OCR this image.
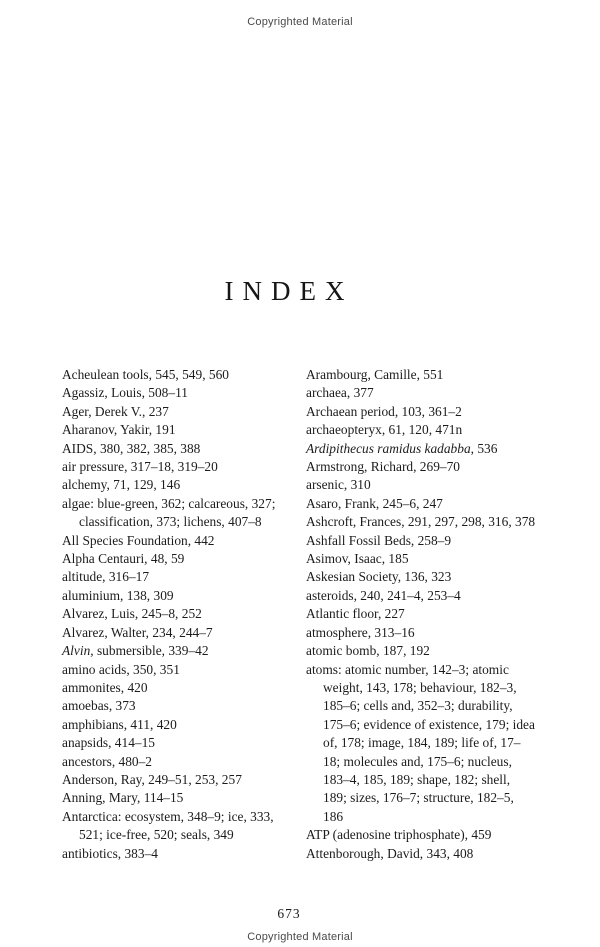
Copyrighted Material
INDEX
Acheulean tools, 545, 549, 560
Agassiz, Louis, 508–11
Ager, Derek V., 237
Aharanov, Yakir, 191
AIDS, 380, 382, 385, 388
air pressure, 317–18, 319–20
alchemy, 71, 129, 146
algae: blue-green, 362; calcareous, 327; classification, 373; lichens, 407–8
All Species Foundation, 442
Alpha Centauri, 48, 59
altitude, 316–17
aluminium, 138, 309
Alvarez, Luis, 245–8, 252
Alvarez, Walter, 234, 244–7
Alvin, submersible, 339–42
amino acids, 350, 351
ammonites, 420
amoebas, 373
amphibians, 411, 420
anapsids, 414–15
ancestors, 480–2
Anderson, Ray, 249–51, 253, 257
Anning, Mary, 114–15
Antarctica: ecosystem, 348–9; ice, 333, 521; ice-free, 520; seals, 349
antibiotics, 383–4
Arambourg, Camille, 551
archaea, 377
Archaean period, 103, 361–2
archaeopteryx, 61, 120, 471n
Ardipithecus ramidus kadabba, 536
Armstrong, Richard, 269–70
arsenic, 310
Asaro, Frank, 245–6, 247
Ashcroft, Frances, 291, 297, 298, 316, 378
Ashfall Fossil Beds, 258–9
Asimov, Isaac, 185
Askesian Society, 136, 323
asteroids, 240, 241–4, 253–4
Atlantic floor, 227
atmosphere, 313–16
atomic bomb, 187, 192
atoms: atomic number, 142–3; atomic weight, 143, 178; behaviour, 182–3, 185–6; cells and, 352–3; durability, 175–6; evidence of existence, 179; idea of, 178; image, 184, 189; life of, 17–18; molecules and, 175–6; nucleus, 183–4, 185, 189; shape, 182; shell, 189; sizes, 176–7; structure, 182–5, 186
ATP (adenosine triphosphate), 459
Attenborough, David, 343, 408
673
Copyrighted Material
